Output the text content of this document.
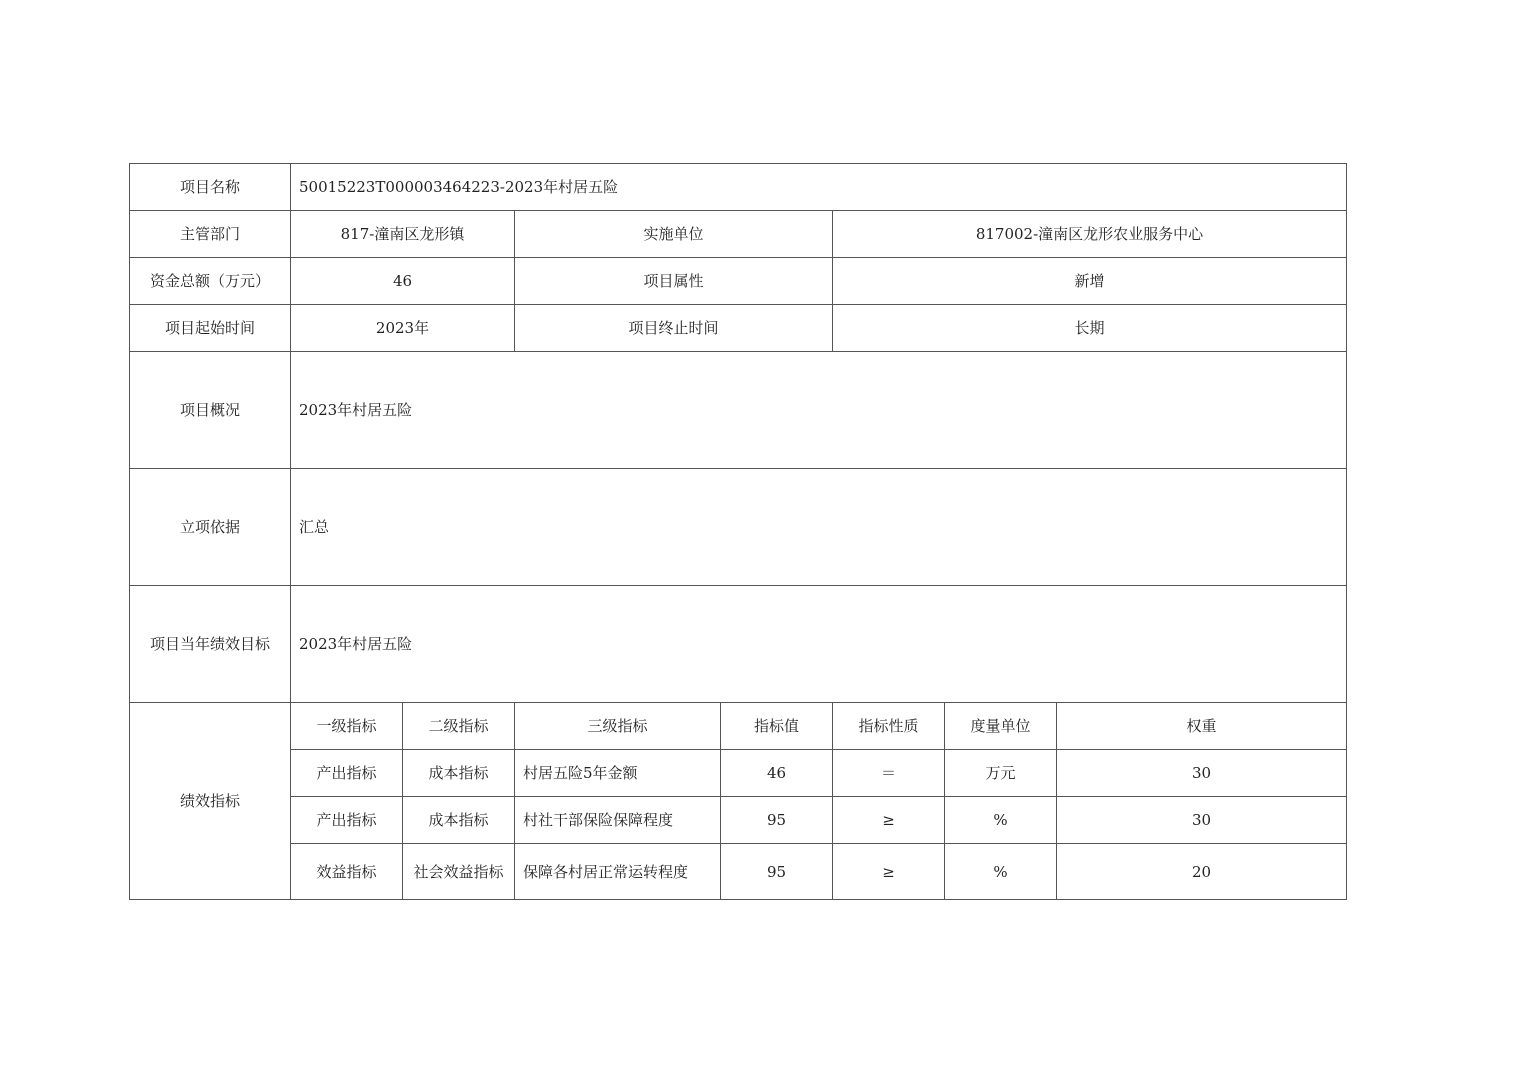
项目名称	50015223T000003464223-2023年村居五险						
主管部门	817-潼南区龙形镇		实施单位		817002-潼南区龙形农业服务中心		
资金总额（万元）	46		项目属性		新增		
项目起始时间	2023年		项目终止时间		长期		
项目概况	2023年村居五险						
立项依据	汇总						
项目当年绩效目标	2023年村居五险						
绩效指标	一级指标	二级指标	三级指标	指标值	指标性质	度量单位	权重
	产出指标	成本指标	村居五险5年金额	46	＝	万元	30
	产出指标	成本指标	村社干部保险保障程度	95	≥	%	30
	效益指标	社会效益指标	保障各村居正常运转程度	95	≥	%	20
